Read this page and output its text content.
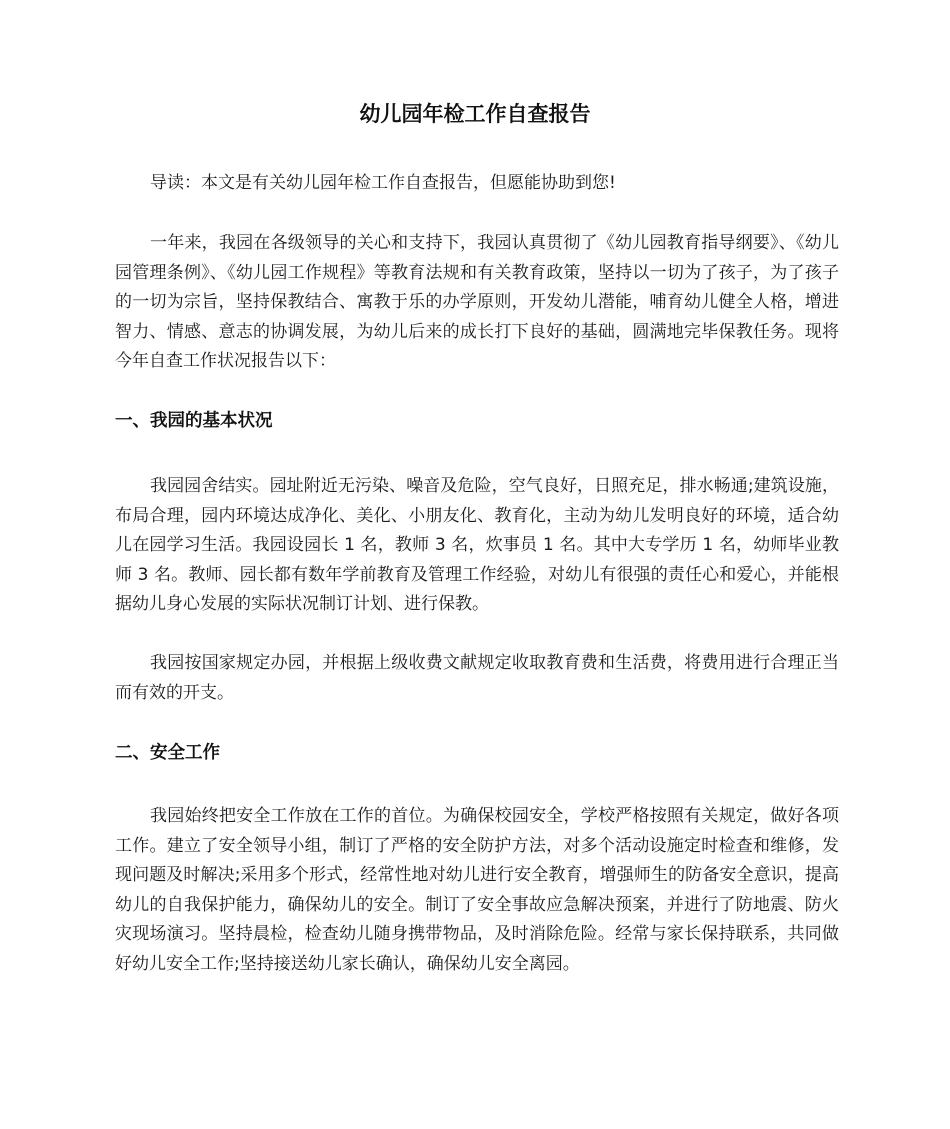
幼儿园年检工作自查报告

导读：本文是有关幼儿园年检工作自查报告，但愿能协助到您!

一年来，我园在各级领导的关心和支持下，我园认真贯彻了《幼儿园教育指导纲要》、《幼儿园管理条例》、《幼儿园工作规程》等教育法规和有关教育政策，坚持以一切为了孩子，为了孩子的一切为宗旨，坚持保教结合、寓教于乐的办学原则，开发幼儿潜能，哺育幼儿健全人格，增进智力、情感、意志的协调发展，为幼儿后来的成长打下良好的基础，圆满地完毕保教任务。现将今年自查工作状况报告以下：

一、我园的基本状况

我园园舍结实。园址附近无污染、噪音及危险，空气良好，日照充足，排水畅通;建筑设施，布局合理，园内环境达成净化、美化、小朋友化、教育化，主动为幼儿发明良好的环境，适合幼儿在园学习生活。我园设园长 1 名，教师 3 名，炊事员 1 名。其中大专学历 1 名，幼师毕业教师 3 名。教师、园长都有数年学前教育及管理工作经验，对幼儿有很强的责任心和爱心，并能根据幼儿身心发展的实际状况制订计划、进行保教。

我园按国家规定办园，并根据上级收费文献规定收取教育费和生活费，将费用进行合理正当而有效的开支。

二、安全工作

我园始终把安全工作放在工作的首位。为确保校园安全，学校严格按照有关规定，做好各项工作。建立了安全领导小组，制订了严格的安全防护方法，对多个活动设施定时检查和维修，发现问题及时解决;采用多个形式，经常性地对幼儿进行安全教育，增强师生的防备安全意识，提高幼儿的自我保护能力，确保幼儿的安全。制订了安全事故应急解决预案，并进行了防地震、防火灾现场演习。坚持晨检，检查幼儿随身携带物品，及时消除危险。经常与家长保持联系，共同做好幼儿安全工作;坚持接送幼儿家长确认，确保幼儿安全离园。
